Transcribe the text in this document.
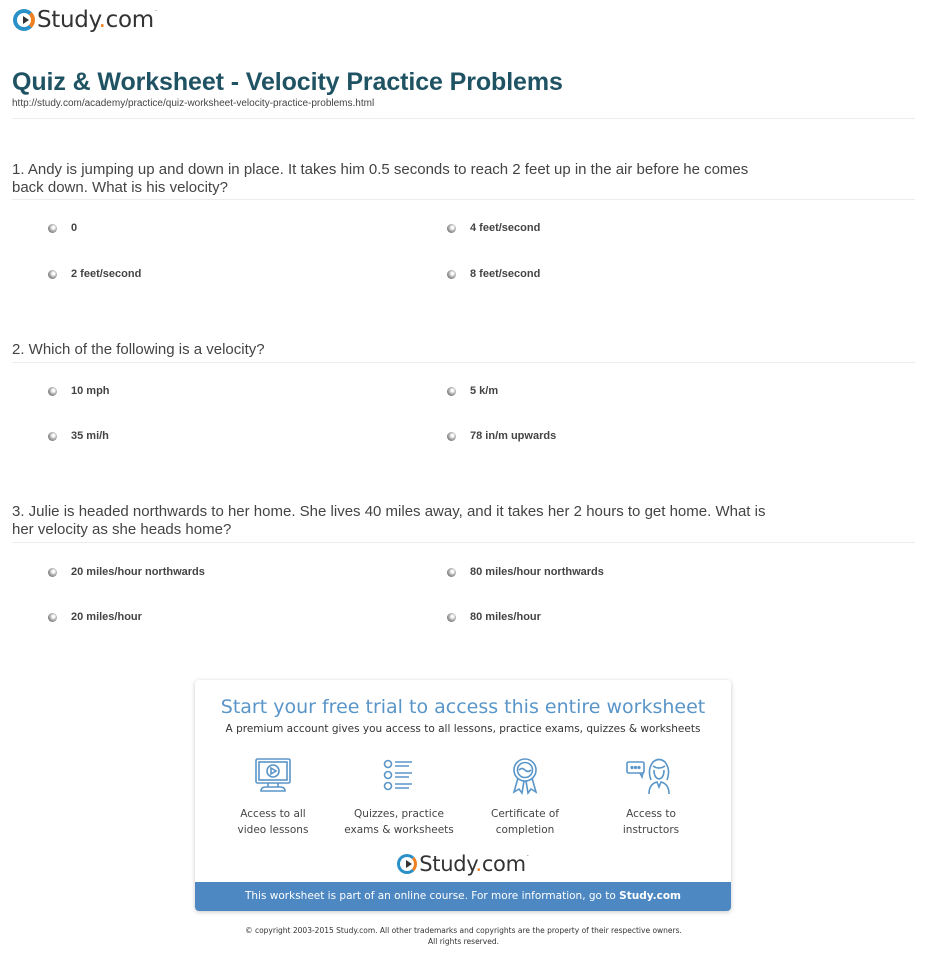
Study.com·
Quiz & Worksheet - Velocity Practice Problems
http://study.com/academy/practice/quiz-worksheet-velocity-practice-problems.html
1. Andy is jumping up and down in place. It takes him 0.5 seconds to reach 2 feet up in the air before he comes back down. What is his velocity?
0	4 feet/second
2 feet/second	8 feet/second
2. Which of the following is a velocity?
10 mph	5 k/m
35 mi/h	78 in/m upwards
3. Julie is headed northwards to her home. She lives 40 miles away, and it takes her 2 hours to get home. What is her velocity as she heads home?
20 miles/hour northwards	80 miles/hour northwards
20 miles/hour	80 miles/hour
Start your free trial to access this entire worksheet
A premium account gives you access to all lessons, practice exams, quizzes & worksheets
Access to all
video lessons
Quizzes, practice
exams & worksheets
Certificate of
completion
Access to
instructors
Study.com·
This worksheet is part of an online course. For more information, go to Study.com
© copyright 2003-2015 Study.com. All other trademarks and copyrights are the property of their respective owners.
All rights reserved.
